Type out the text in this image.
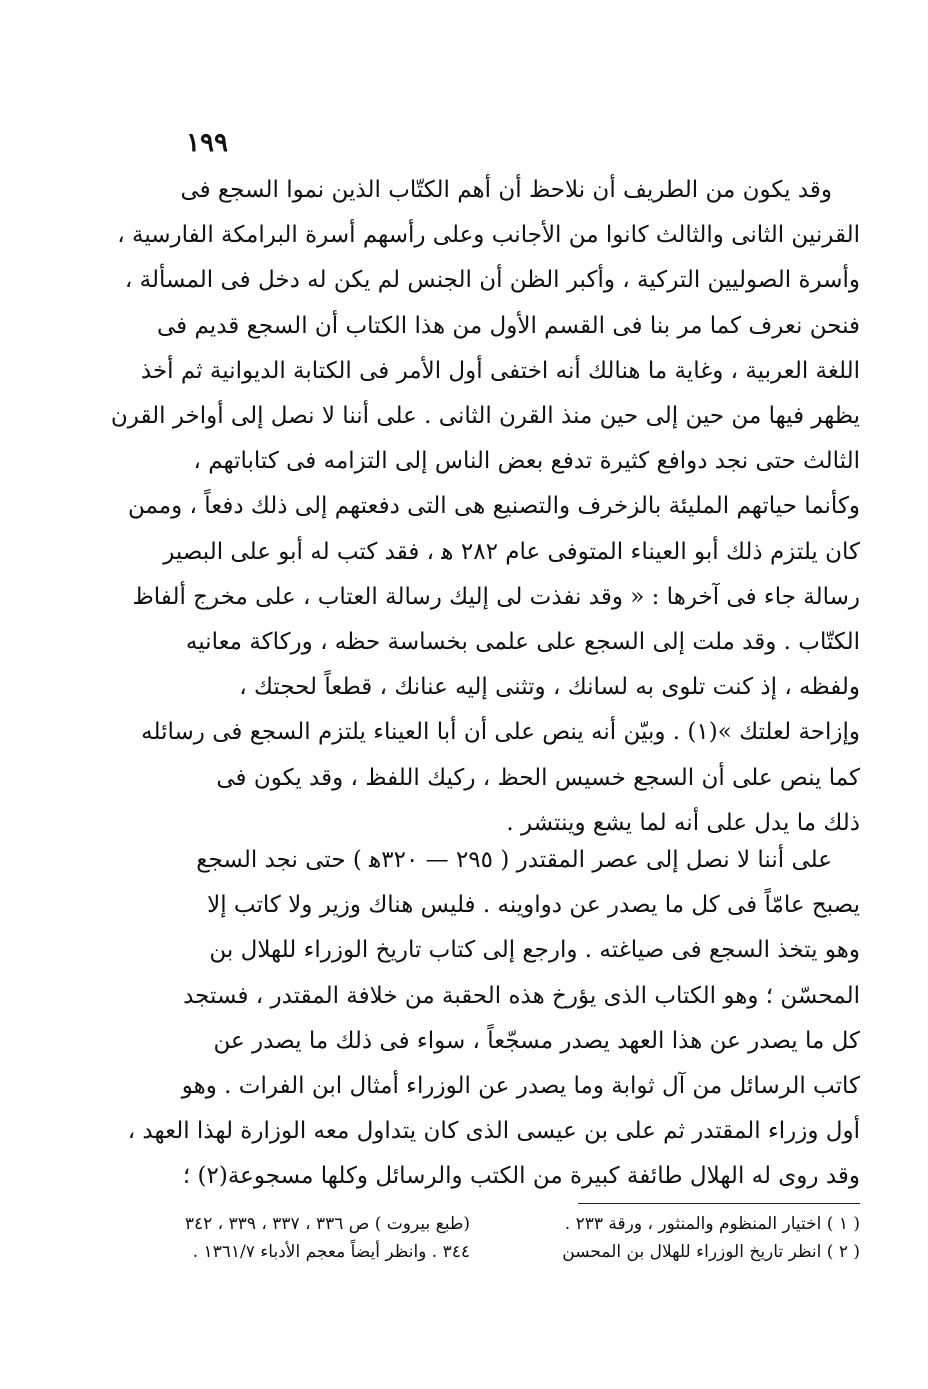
١٩٩
وقد يكون من الطريف أن نلاحظ أن أهم الكتّاب الذين نموا السجع فى
القرنين الثانى والثالث كانوا من الأجانب وعلى رأسهم أسرة البرامكة الفارسية ،
وأسرة الصوليين التركية ، وأكبر الظن أن الجنس لم يكن له دخل فى المسألة ،
فنحن نعرف كما مر بنا فى القسم الأول من هذا الكتاب أن السجع قديم فى
اللغة العربية ، وغاية ما هنالك أنه اختفى أول الأمر فى الكتابة الديوانية ثم أخذ
يظهر فيها من حين إلى حين منذ القرن الثانى . على أننا لا نصل إلى أواخر القرن
الثالث حتى نجد دوافع كثيرة تدفع بعض الناس إلى التزامه فى كتاباتهم ،
وكأنما حياتهم المليئة بالزخرف والتصنيع هى التى دفعتهم إلى ذلك دفعاً ، وممن
كان يلتزم ذلك أبو العيناء المتوفى عام ٢٨٢ ﻫ ، فقد كتب له أبو على البصير
رسالة جاء فى آخرها : « وقد نفذت لى إليك رسالة العتاب ، على مخرج ألفاظ
الكتّاب . وقد ملت إلى السجع على علمى بخساسة حظه ، وركاكة معانيه
ولفظه ، إذ كنت تلوى به لسانك ، وتثنى إليه عنانك ، قطعاً لحجتك ،
وإزاحة لعلتك »(١) . وبيّن أنه ينص على أن أبا العيناء يلتزم السجع فى رسائله
كما ينص على أن السجع خسيس الحظ ، ركيك اللفظ ، وقد يكون فى
ذلك ما يدل على أنه لما يشع وينتشر .
على أننا لا نصل إلى عصر المقتدر ( ٢٩٥ — ٣٢٠ﻫ ) حتى نجد السجع
يصبح عامّاً فى كل ما يصدر عن دواوينه . فليس هناك وزير ولا كاتب إلا
وهو يتخذ السجع فى صياغته . وارجع إلى كتاب تاريخ الوزراء للهلال بن
المحسّن ؛ وهو الكتاب الذى يؤرخ هذه الحقبة من خلافة المقتدر ، فستجد
كل ما يصدر عن هذا العهد يصدر مسجّعاً ، سواء فى ذلك ما يصدر عن
كاتب الرسائل من آل ثوابة وما يصدر عن الوزراء أمثال ابن الفرات . وهو
أول وزراء المقتدر ثم على بن عيسى الذى كان يتداول معه الوزارة لهذا العهد ،
وقد روى له الهلال طائفة كبيرة من الكتب والرسائل وكلها مسجوعة(٢) ؛
( ١ ) اختيار المنظوم والمنثور ، ورقة ٢٣٣ .
(طبع بيروت ) ص ٣٣٦ ، ٣٣٧ ، ٣٣٩ ، ٣٤٢
( ٢ ) انظر تاريخ الوزراء للهلال بن المحسن
٣٤٤ . وانظر أيضاً معجم الأدباء ١٣٦١/٧ .
